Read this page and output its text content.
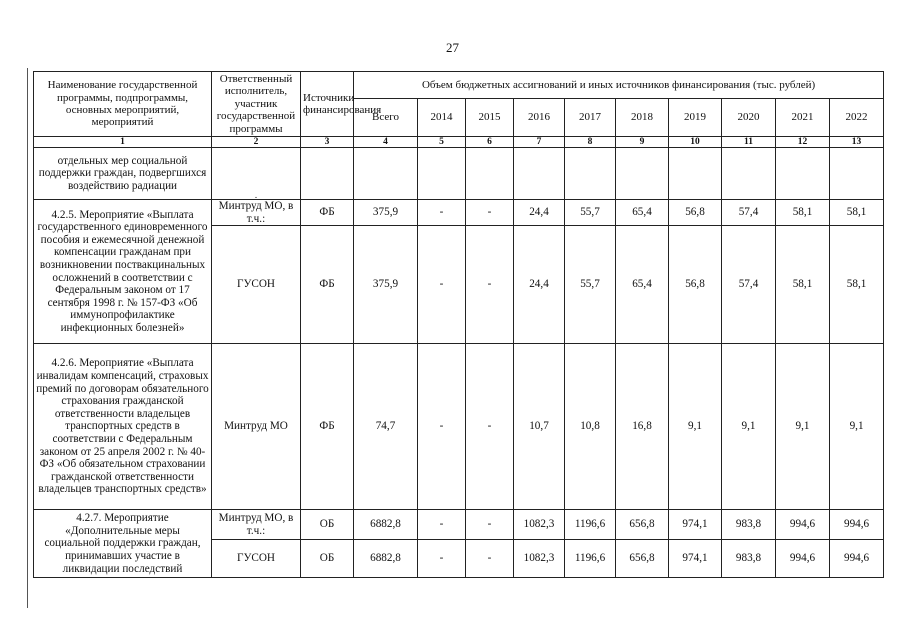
27
Наименование государственной программы, подпрограммы, основных мероприятий, мероприятий	Ответственный исполнитель, участник государственной программы	Источники финансирования	Объем бюджетных ассигнований и иных источников финансирования (тыс. рублей)									
			Всего	2014	2015	2016	2017	2018	2019	2020	2021	2022
1	2	3	4	5	6	7	8	9	10	11	12	13
отдельных мер социальной поддержки граждан, подвергшихся воздействию радиации	.											

4.2.5. Мероприятие «Выплата государственного единовременного пособия и ежемесячной денежной компенсации гражданам при возникновении поствакцинальных осложнений в соответствии с Федеральным законом от 17 сентября 1998 г. № 157-ФЗ «Об иммунопрофилактике инфекционных болезней»	Минтруд МО, в т.ч.:	ФБ	375,9	-	-	24,4	55,7	65,4	56,8	57,4	58,1	58,1
	ГУСОН	ФБ	375,9	-	-	24,4	55,7	65,4	56,8	57,4	58,1	58,1
4.2.6. Мероприятие «Выплата инвалидам компенсаций, страховых премий по договорам обязательного страхования гражданской ответственности владельцев транспортных средств в соответствии с Федеральным законом от 25 апреля 2002 г. № 40-ФЗ «Об обязательном страховании гражданской ответственности владельцев транспортных средств»	Минтруд МО	ФБ	74,7	-	-	10,7	10,8	16,8	9,1	9,1	9,1	9,1
4.2.7. Мероприятие «Дополнительные меры социальной поддержки граждан, принимавших участие в ликвидации последствий	Минтруд МО, в т.ч.:	ОБ	6882,8	-	-	1082,3	1196,6	656,8	974,1	983,8	994,6	994,6
	ГУСОН	ОБ	6882,8	-	-	1082,3	1196,6	656,8	974,1	983,8	994,6	994,6
